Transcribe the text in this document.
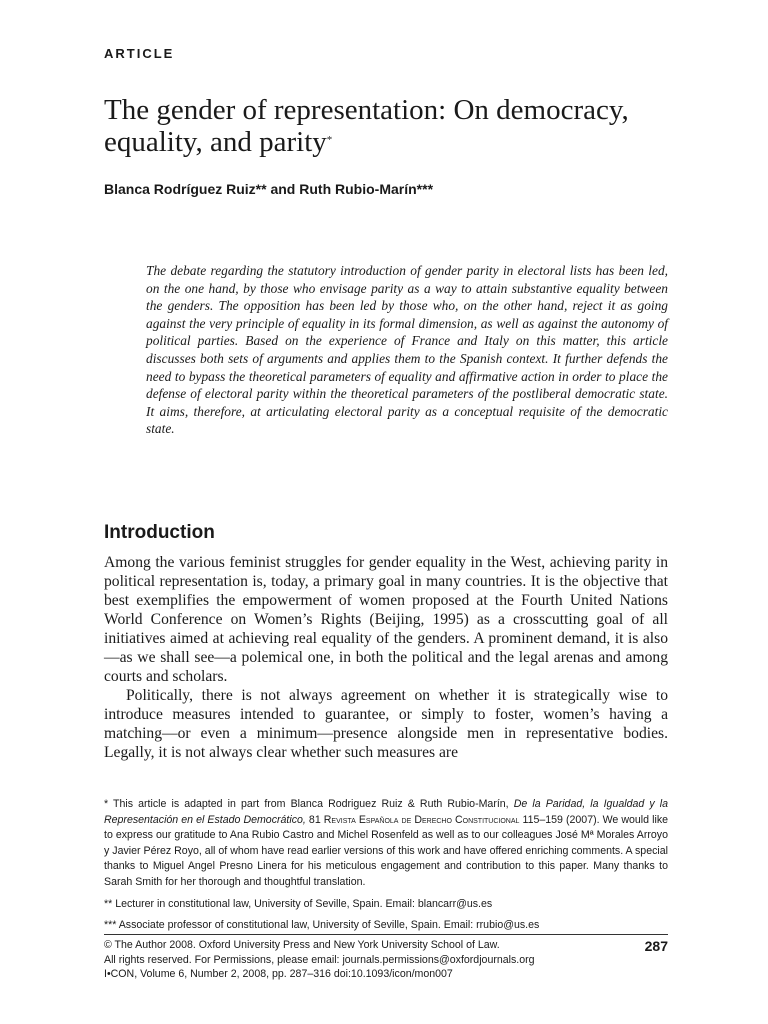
ARTICLE
The gender of representation: On democracy, equality, and parity*
Blanca Rodríguez Ruiz** and Ruth Rubio-Marín***

The debate regarding the statutory introduction of gender parity in electoral lists has been led, on the one hand, by those who envisage parity as a way to attain substantive equality between the genders. The opposition has been led by those who, on the other hand, reject it as going against the very principle of equality in its formal dimension, as well as against the autonomy of political parties. Based on the experience of France and Italy on this matter, this article discusses both sets of arguments and applies them to the Spanish context. It further defends the need to bypass the theoretical parameters of equality and affirmative action in order to place the defense of electoral parity within the theoretical parameters of the postliberal democratic state. It aims, therefore, at articulating electoral parity as a conceptual requisite of the democratic state.

Introduction

Among the various feminist struggles for gender equality in the West, achieving parity in political representation is, today, a primary goal in many countries. It is the objective that best exemplifies the empowerment of women proposed at the Fourth United Nations World Conference on Women’s Rights (Beijing, 1995) as a crosscutting goal of all initiatives aimed at achieving real equality of the genders. A prominent demand, it is also—as we shall see—a polemical one, in both the political and the legal arenas and among courts and scholars.

Politically, there is not always agreement on whether it is strategically wise to introduce measures intended to guarantee, or simply to foster, women’s having a matching—or even a minimum—presence alongside men in representative bodies. Legally, it is not always clear whether such measures are

* This article is adapted in part from Blanca Rodriguez Ruiz & Ruth Rubio-Marín, De la Paridad, la Igualdad y la Representación en el Estado Democrático, 81 Revista Española de Derecho Constitucional 115–159 (2007). We would like to express our gratitude to Ana Rubio Castro and Michel Rosenfeld as well as to our colleagues José Mª Morales Arroyo y Javier Pérez Royo, all of whom have read earlier versions of this work and have offered enriching comments. A special thanks to Miguel Angel Presno Linera for his meticulous engagement and contribution to this paper. Many thanks to Sarah Smith for her thorough and thoughtful translation.

** Lecturer in constitutional law, University of Seville, Spain. Email: blancarr@us.es

*** Associate professor of constitutional law, University of Seville, Spain. Email: rrubio@us.es

© The Author 2008. Oxford University Press and New York University School of Law.
All rights reserved. For Permissions, please email: journals.permissions@oxfordjournals.org
I•CON, Volume 6, Number 2, 2008, pp. 287–316 doi:10.1093/icon/mon007
287
